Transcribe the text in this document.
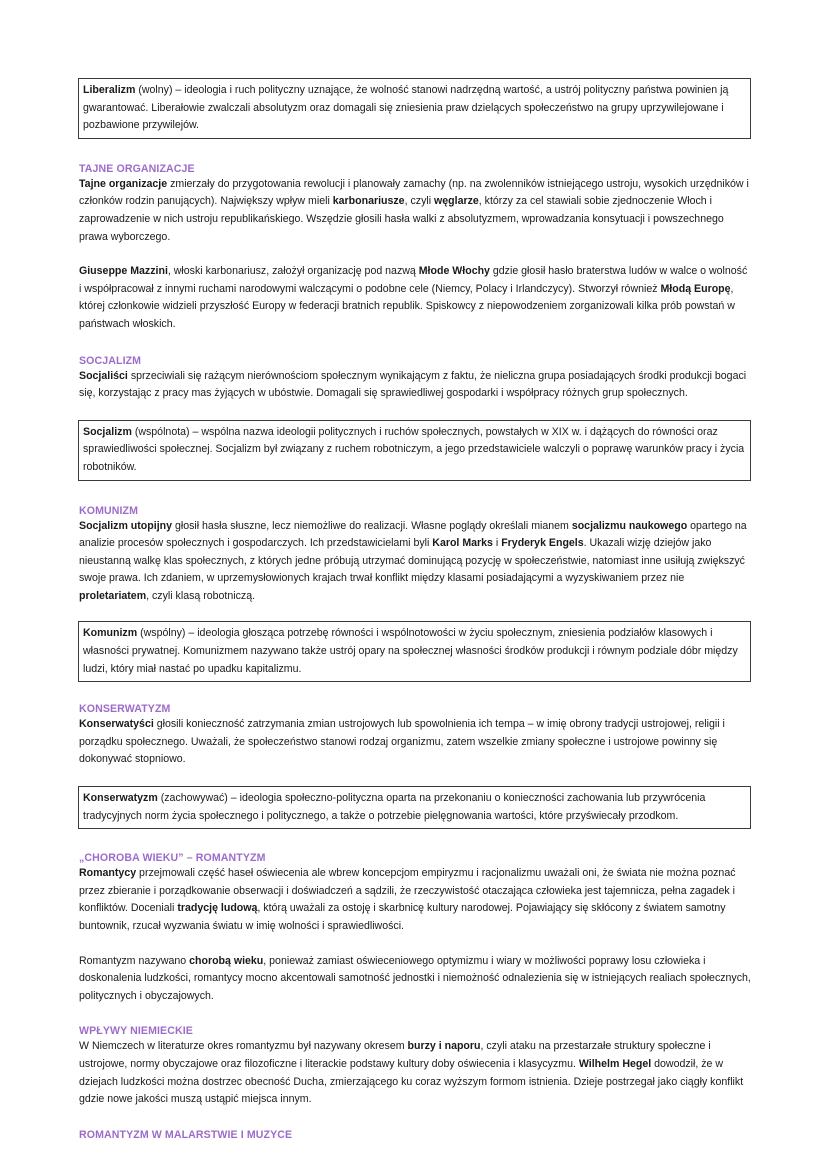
Liberalizm (wolny) – ideologia i ruch polityczny uznające, że wolność stanowi nadrzędną wartość, a ustrój polityczny państwa powinien ją gwarantować. Liberałowie zwalczali absolutyzm oraz domagali się zniesienia praw dzielących społeczeństwo na grupy uprzywilejowane i pozbawione przywilejów.

TAJNE ORGANIZACJE

Tajne organizacje zmierzały do przygotowania rewolucji i planowały zamachy (np. na zwolenników istniejącego ustroju, wysokich urzędników i członków rodzin panujących). Największy wpływ mieli karbonariusze, czyli węglarze, którzy za cel stawiali sobie zjednoczenie Włoch i zaprowadzenie w nich ustroju republikańskiego. Wszędzie głosili hasła walki z absolutyzmem, wprowadzania konsytuacji i powszechnego prawa wyborczego.

Giuseppe Mazzini, włoski karbonariusz, założył organizację pod nazwą Młode Włochy gdzie głosił hasło braterstwa ludów w walce o wolność i współpracował z innymi ruchami narodowymi walczącymi o podobne cele (Niemcy, Polacy i Irlandczycy). Stworzył również Młodą Europę, której członkowie widzieli przyszłość Europy w federacji bratnich republik. Spiskowcy z niepowodzeniem zorganizowali kilka prób powstań w państwach włoskich.

SOCJALIZM

Socjaliści sprzeciwiali się rażącym nierównościom społecznym wynikającym z faktu, że nieliczna grupa posiadających środki produkcji bogaci się, korzystając z pracy mas żyjących w ubóstwie. Domagali się sprawiedliwej gospodarki i współpracy różnych grup społecznych.

Socjalizm (wspólnota) – wspólna nazwa ideologii politycznych i ruchów społecznych, powstałych w XIX w. i dążących do równości oraz sprawiedliwości społecznej. Socjalizm był związany z ruchem robotniczym, a jego przedstawiciele walczyli o poprawę warunków pracy i życia robotników.

KOMUNIZM

Socjalizm utopijny głosił hasła słuszne, lecz niemożliwe do realizacji. Własne poglądy określali mianem socjalizmu naukowego opartego na analizie procesów społecznych i gospodarczych. Ich przedstawicielami byli Karol Marks i Fryderyk Engels. Ukazali wizję dziejów jako nieustanną walkę klas społecznych, z których jedne próbują utrzymać dominującą pozycję w społeczeństwie, natomiast inne usiłują zwiększyć swoje prawa. Ich zdaniem, w uprzemysłowionych krajach trwał konflikt między klasami posiadającymi a wyzyskiwaniem przez nie proletariatem, czyli klasą robotniczą.

Komunizm (wspólny) – ideologia głosząca potrzebę równości i wspólnotowości w życiu społecznym, zniesienia podziałów klasowych i własności prywatnej. Komunizmem nazywano także ustrój opary na społecznej własności środków produkcji i równym podziale dóbr między ludzi, który miał nastać po upadku kapitalizmu.

KONSERWATYZM

Konserwatyści głosili konieczność zatrzymania zmian ustrojowych lub spowolnienia ich tempa – w imię obrony tradycji ustrojowej, religii i porządku społecznego. Uważali, że społeczeństwo stanowi rodzaj organizmu, zatem wszelkie zmiany społeczne i ustrojowe powinny się dokonywać stopniowo.

Konserwatyzm (zachowywać) – ideologia społeczno-polityczna oparta na przekonaniu o konieczności zachowania lub przywrócenia tradycyjnych norm życia społecznego i politycznego, a także o potrzebie pielęgnowania wartości, które przyświecały przodkom.

„CHOROBA WIEKU” – ROMANTYZM

Romantycy przejmowali część haseł oświecenia ale wbrew koncepcjom empiryzmu i racjonalizmu uważali oni, że świata nie można poznać przez zbieranie i porządkowanie obserwacji i doświadczeń a sądzili, że rzeczywistość otaczająca człowieka jest tajemnicza, pełna zagadek i konfliktów. Doceniali tradycję ludową, którą uważali za ostoję i skarbnicę kultury narodowej. Pojawiający się skłócony z światem samotny buntownik, rzucał wyzwania światu w imię wolności i sprawiedliwości.

Romantyzm nazywano chorobą wieku, ponieważ zamiast oświeceniowego optymizmu i wiary w możliwości poprawy losu człowieka i doskonalenia ludzkości, romantycy mocno akcentowali samotność jednostki i niemożność odnalezienia się w istniejących realiach społecznych, politycznych i obyczajowych.

WPŁYWY NIEMIECKIE

W Niemczech w literaturze okres romantyzmu był nazywany okresem burzy i naporu, czyli ataku na przestarzałe struktury społeczne i ustrojowe, normy obyczajowe oraz filozoficzne i literackie podstawy kultury doby oświecenia i klasycyzmu. Wilhelm Hegel dowodził, że w dziejach ludzkości można dostrzec obecność Ducha, zmierzającego ku coraz wyższym formom istnienia. Dzieje postrzegał jako ciągły konflikt gdzie nowe jakości muszą ustąpić miejsca innym.

ROMANTYZM W MALARSTWIE I MUZYCE
